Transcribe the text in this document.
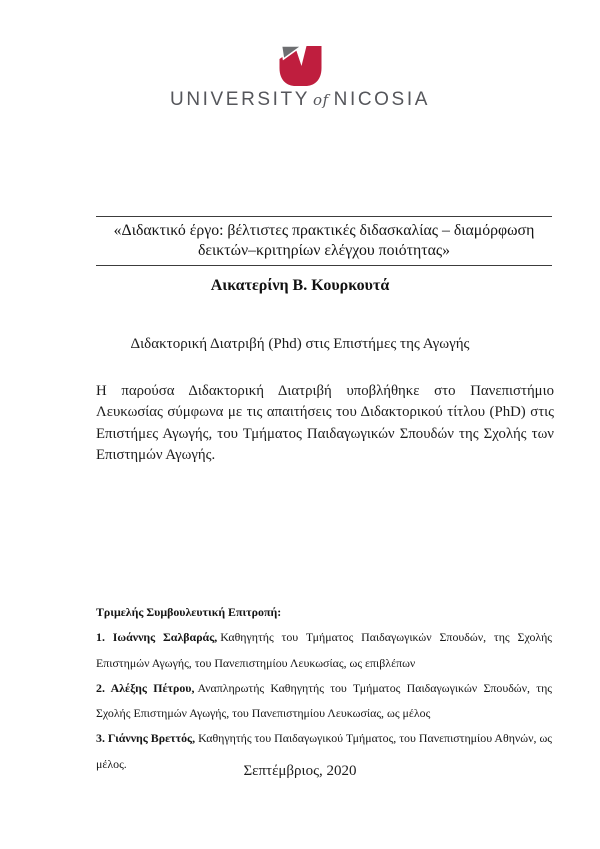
UNIVERSITY of NICOSIA
«Διδακτικό έργο: βέλτιστες πρακτικές διδασκαλίας – διαμόρφωση δεικτών–κριτηρίων ελέγχου ποιότητας»
Αικατερίνη Β. Κουρκουτά
Διδακτορική Διατριβή (Phd) στις Επιστήμες της Αγωγής
Η παρούσα Διδακτορική Διατριβή υποβλήθηκε στο Πανεπιστήμιο Λευκωσίας σύμφωνα με τις απαιτήσεις του Διδακτορικού τίτλου (PhD) στις Επιστήμες Αγωγής, του Τμήματος Παιδαγωγικών Σπουδών της Σχολής των Επιστημών Αγωγής.
Τριμελής Συμβουλευτική Επιτροπή:
1. Ιωάννης Σαλβαράς, Καθηγητής του Τμήματος Παιδαγωγικών Σπουδών, της Σχολής Επιστημών Αγωγής, του Πανεπιστημίου Λευκωσίας, ως επιβλέπων
2. Αλέξης Πέτρου, Αναπληρωτής Καθηγητής του Τμήματος Παιδαγωγικών Σπουδών, της Σχολής Επιστημών Αγωγής, του Πανεπιστημίου Λευκωσίας, ως μέλος
3. Γιάννης Βρεττός, Καθηγητής του Παιδαγωγικού Τμήματος, του Πανεπιστημίου Αθηνών, ως μέλος.	Σεπτέμβριος, 2020
